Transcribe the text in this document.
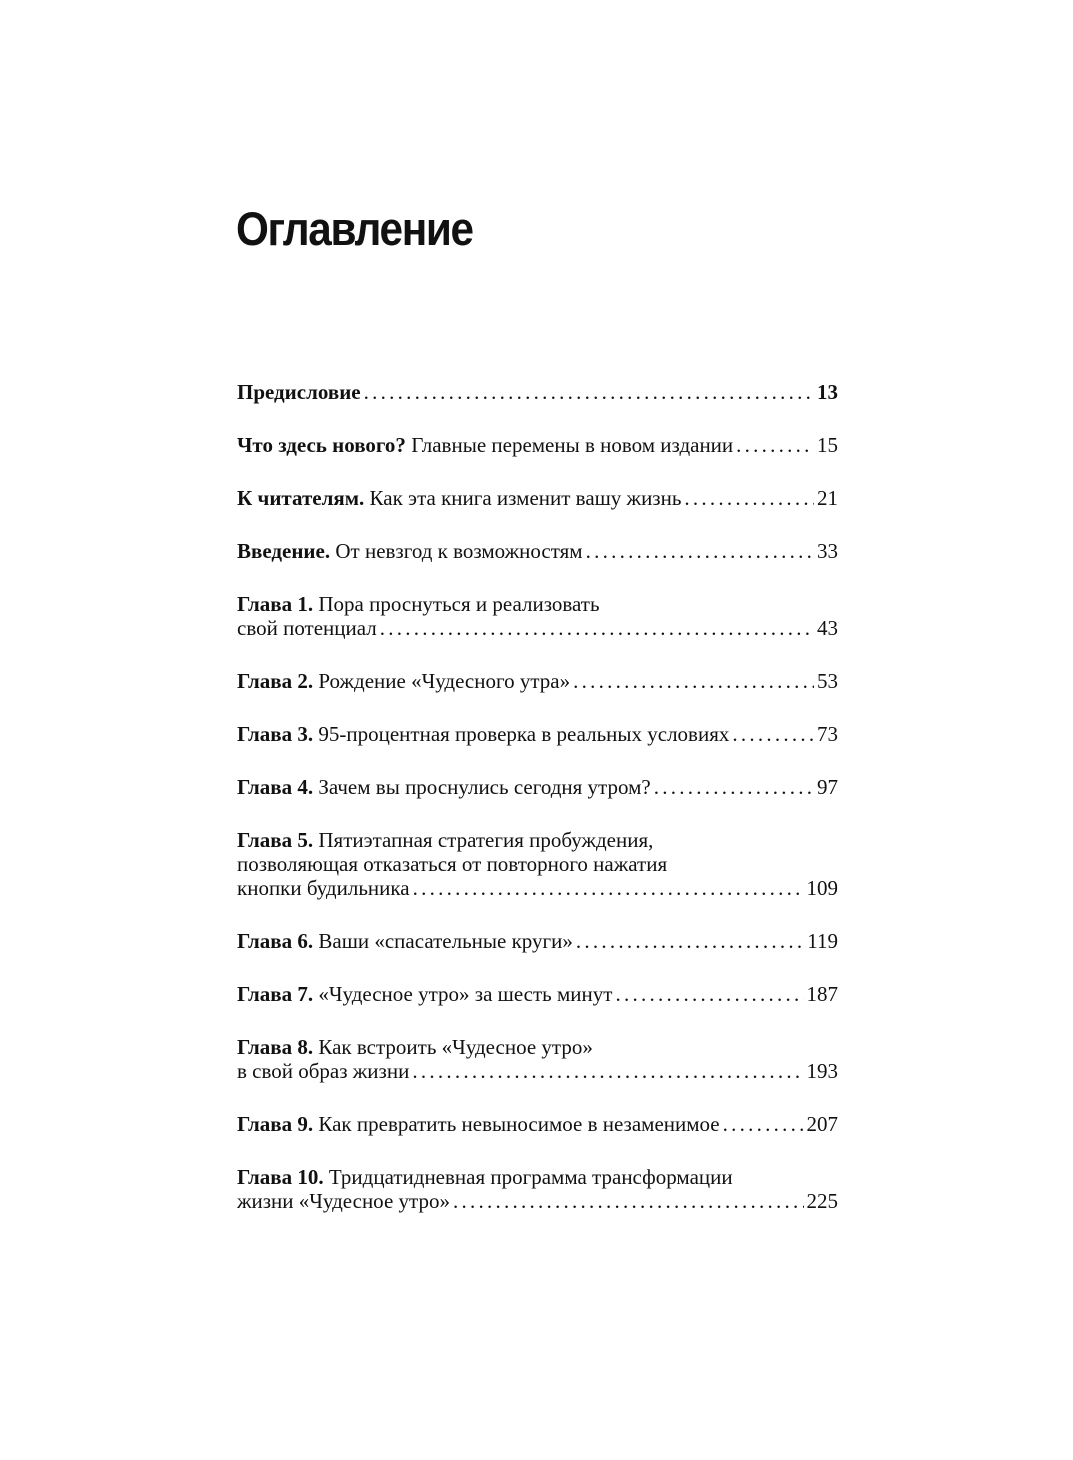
Оглавление
Предисловие . . .	13
Что здесь нового? Главные перемены в новом издании . . .	15
К читателям. Как эта книга изменит вашу жизнь . . .	21
Введение. От невзгод к возможностям . . .	33
Глава 1. Пора проснуться и реализовать
свой потенциал . . .	43
Глава 2. Рождение «Чудесного утра» . . .	53
Глава 3. 95-процентная проверка в реальных условиях . . .	73
Глава 4. Зачем вы проснулись сегодня утром? . . .	97
Глава 5. Пятиэтапная стратегия пробуждения,
позволяющая отказаться от повторного нажатия
кнопки будильника . . .	109
Глава 6. Ваши «спасательные круги» . . .	119
Глава 7. «Чудесное утро» за шесть минут . . .	187
Глава 8. Как встроить «Чудесное утро»
в свой образ жизни . . .	193
Глава 9. Как превратить невыносимое в незаменимое . . .	207
Глава 10. Тридцатидневная программа трансформации
жизни «Чудесное утро» . . .	225
